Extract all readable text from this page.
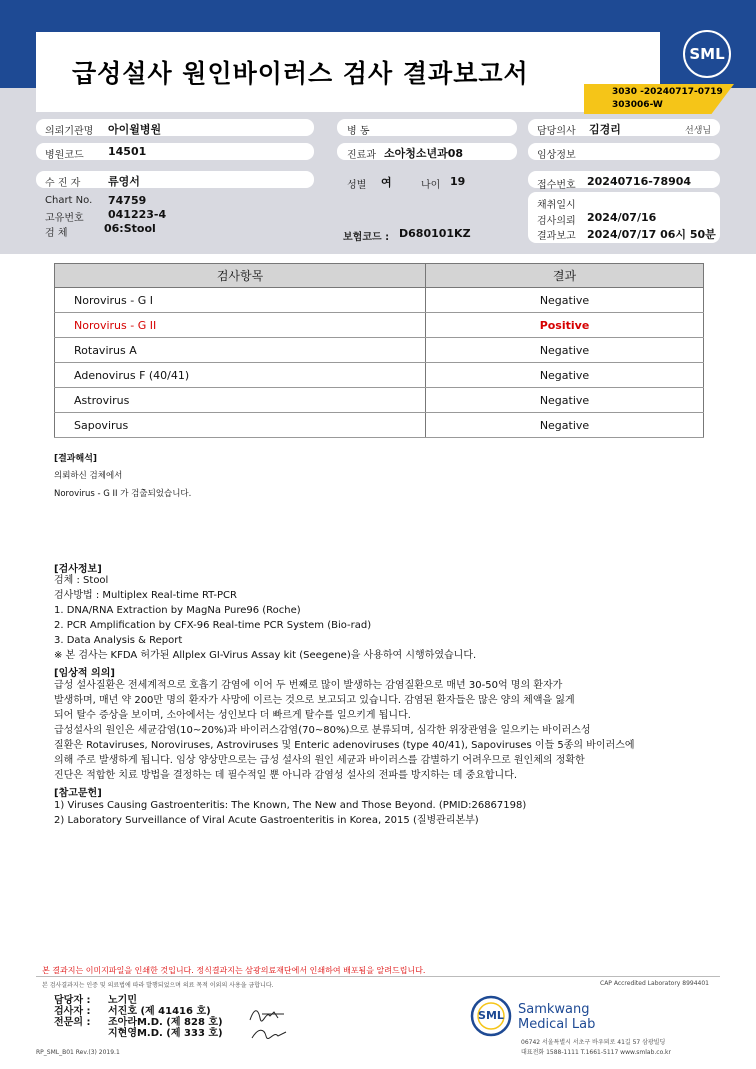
급성설사 원인바이러스 검사 결과보고서
SML
3030 -20240717-0719
303006-W
의뢰기관명 아이윌병원	병 동	담당의사 김경리	선생님
병원코드 14501	진료과 소아청소년과08	임상정보
수 진 자	류영서	성별 여	나이 19	접수번호 20240716-78904
Chart No. 74759
고유번호 041223-4
검 체	06:Stool
보험코드 : D680101KZ
채취일시
검사의뢰 2024/07/16
결과보고 2024/07/17 06시 50분
검사항목	결과
Norovirus - G I	Negative
Norovirus - G II	Positive
Rotavirus A	Negative
Adenovirus F (40/41)	Negative
Astrovirus	Negative
Sapovirus	Negative
[결과해석]
의뢰하신 검체에서
Norovirus - G II 가 검출되었습니다.
[검사정보]
검체 : Stool
검사방법 : Multiplex Real-time RT-PCR
1. DNA/RNA Extraction by MagNa Pure96 (Roche)
2. PCR Amplification by CFX-96 Real-time PCR System (Bio-rad)
3. Data Analysis & Report
※ 본 검사는 KFDA 허가된 Allplex GI-Virus Assay kit (Seegene)을 사용하여 시행하였습니다.
[임상적 의의]
급성 설사질환은 전세계적으로 호흡기 감염에 이어 두 번째로 많이 발생하는 감염질환으로 매년 30-50억 명의 환자가
발생하며, 매년 약 200만 명의 환자가 사망에 이르는 것으로 보고되고 있습니다. 감염된 환자들은 많은 양의 체액을 잃게
되어 탈수 증상을 보이며, 소아에서는 성인보다 더 빠르게 탈수를 일으키게 됩니다.
급성설사의 원인은 세균감염(10~20%)과 바이러스감염(70~80%)으로 분류되며, 심각한 위장관염을 일으키는 바이러스성
질환은 Rotaviruses, Noroviruses, Astroviruses 및 Enteric adenoviruses (type 40/41), Sapoviruses 이들 5종의 바이러스에
의해 주로 발생하게 됩니다. 임상 양상만으로는 급성 설사의 원인 세균과 바이러스를 감별하기 어려우므로 원인체의 정확한
진단은 적합한 치료 방법을 결정하는 데 필수적일 뿐 아니라 감염성 설사의 전파를 방지하는 데 중요합니다.
[참고문헌]
1) Viruses Causing Gastroenteritis: The Known, The New and Those Beyond. (PMID:26867198)
2) Laboratory Surveillance of Viral Acute Gastroenteritis in Korea, 2015 (질병관리본부)
본 결과지는 이미지파일을 인쇄한 것입니다. 정식결과지는 삼광의료재단에서 인쇄하여 배포됨을 알려드립니다.
본 검사결과지는 인증 및 의료법에 따라 발행되었으며 의료 목적 이외의 사용을 금합니다.	CAP Accredited Laboratory 8994401
담당자 : 노기민
검사자 : 서진호 (제 41416 호)
전문의 : 조아라M.D. (제 828 호)
지현영M.D. (제 333 호)
SML	Samkwang
Medical Lab
06742 서울특별시 서초구 바우뫼로 41길 57 삼광빌딩
대표전화 1588-1111 T.1661-5117 www.smlab.co.kr
RP_SML_B01 Rev.(3) 2019.1
